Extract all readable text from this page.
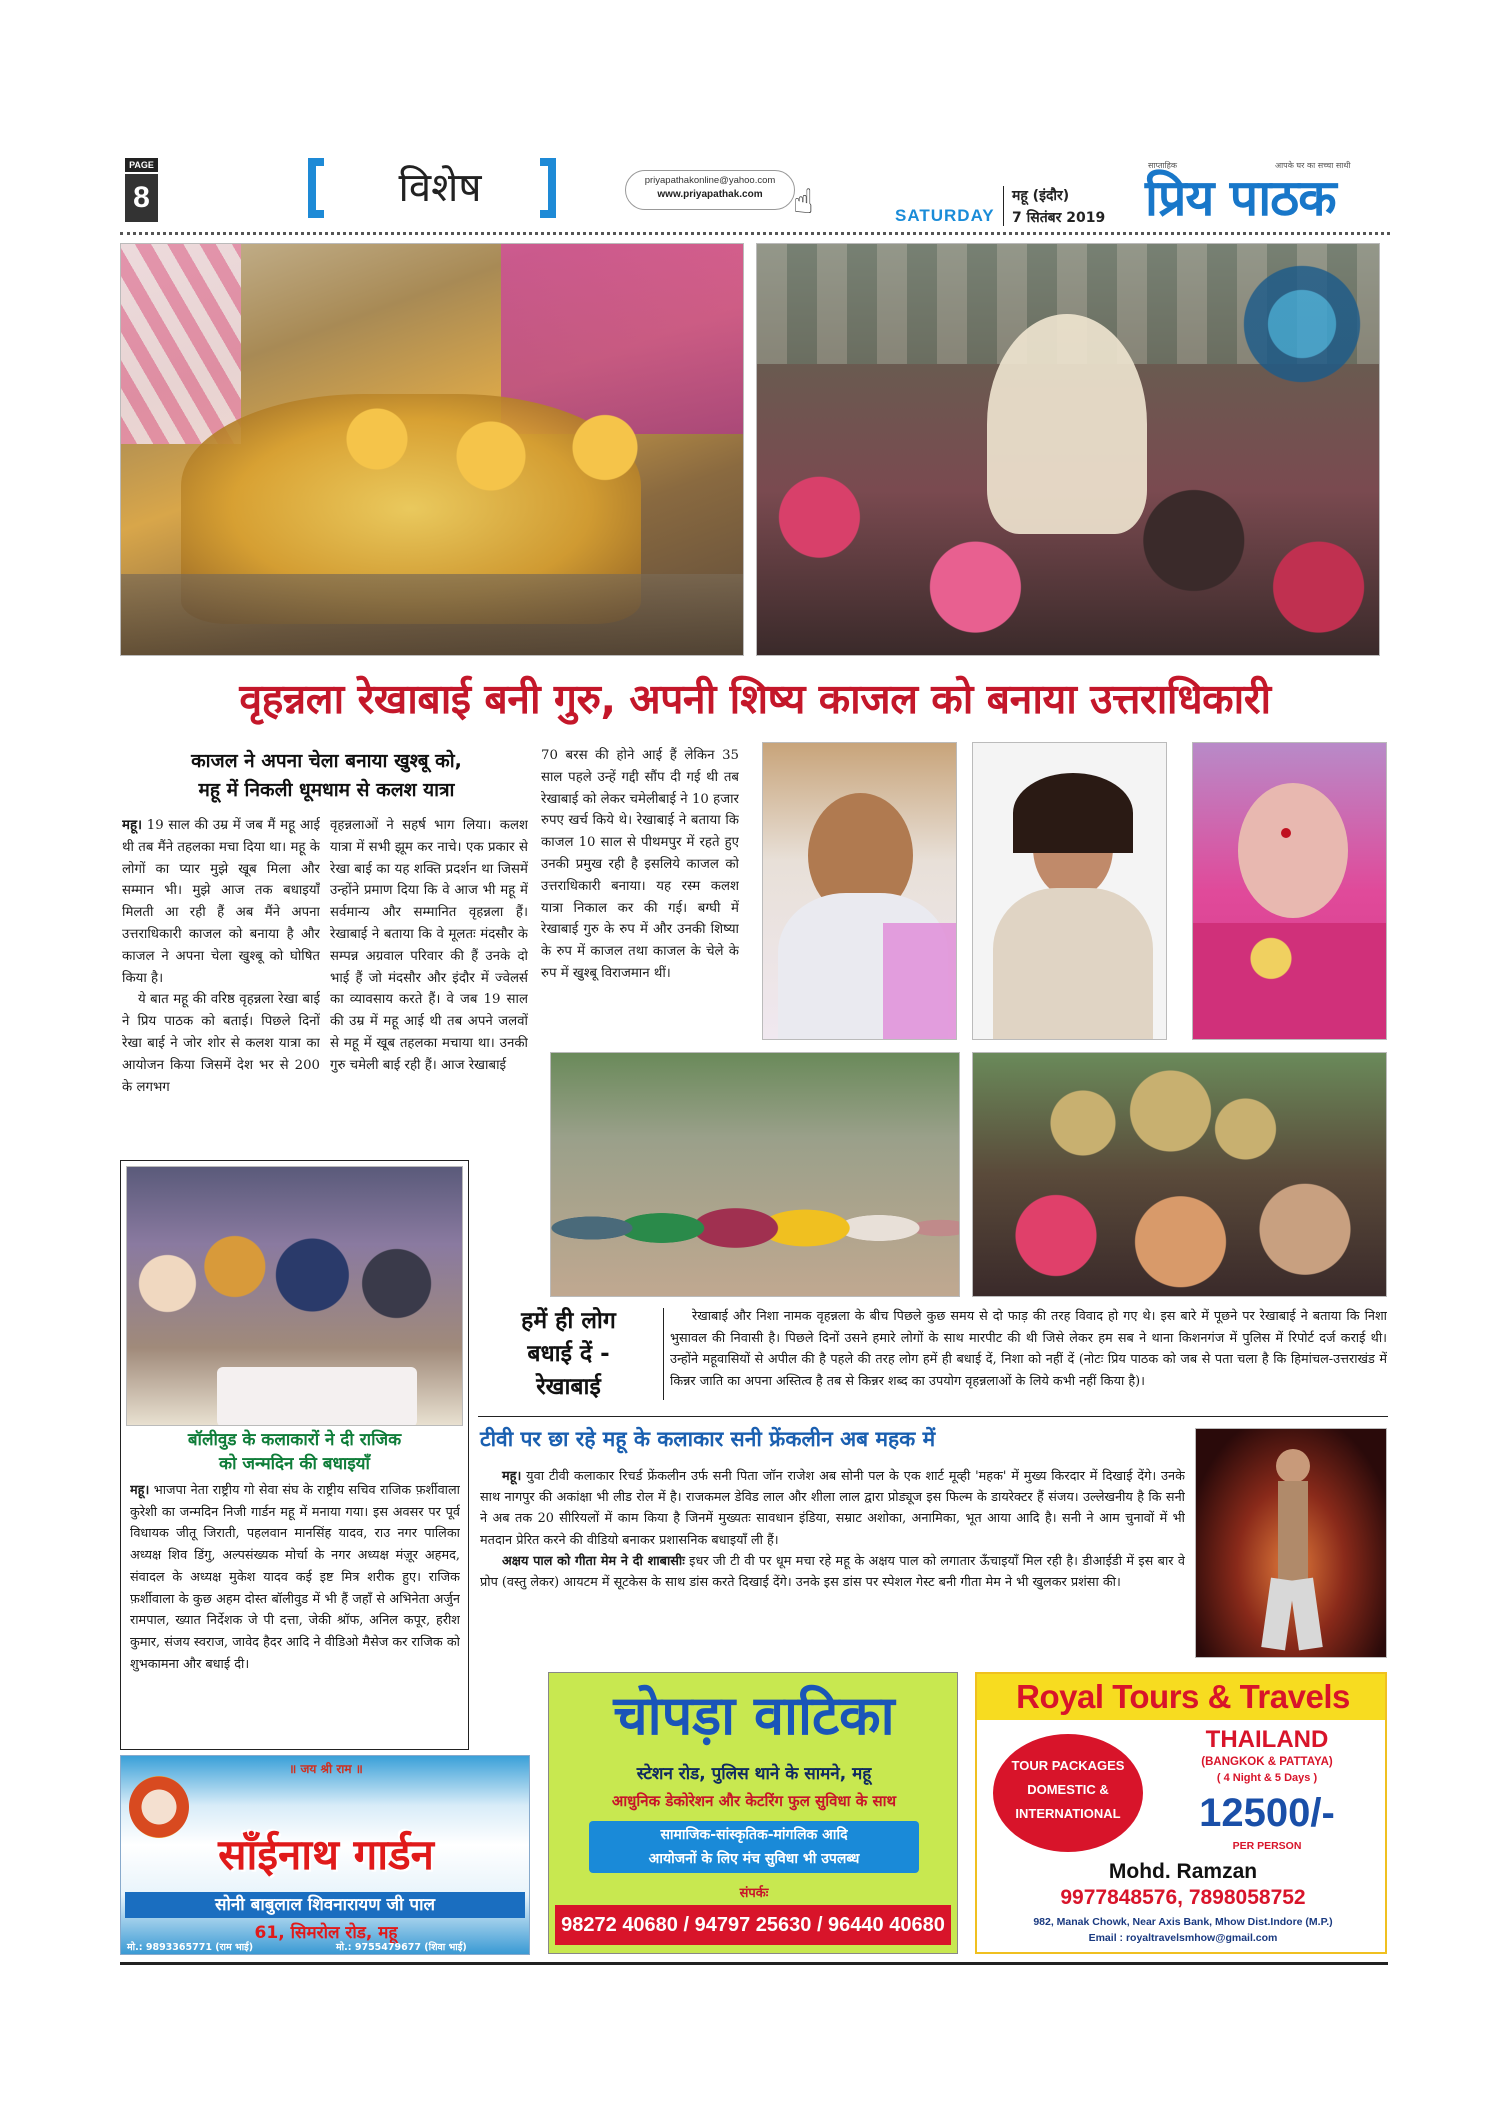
PAGE
8	विशेष	priyapathakonline@yahoo.com
www.priyapathak.com ☝	SATURDAY
महू (इंदौर)
7 सितंबर 2019
साप्ताहिक	आपके घर का सच्चा साथी
प्रिय पाठक
वृहन्नला रेखाबाई बनी गुरु, अपनी शिष्य काजल को बनाया उत्तराधिकारी
काजल ने अपना चेला बनाया खुश्बू को,
महू में निकली धूमधाम से कलश यात्रा

महू। 19 साल की उम्र में जब मैं महू आई थी तब मैंने तहलका मचा दिया था। महू के लोगों का प्यार मुझे खूब मिला और सम्मान भी। मुझे आज तक बधाइयाँ मिलती आ रही हैं अब मैंने अपना उत्तराधिकारी काजल को बनाया है और काजल ने अपना चेला खुश्बू को घोषित किया है।

ये बात महू की वरिष्ठ वृहन्नला रेखा बाई ने प्रिय पाठक को बताई। पिछले दिनों रेखा बाई ने जोर शोर से कलश यात्रा का आयोजन किया जिसमें देश भर से 200 के लगभग

वृहन्नलाओं ने सहर्ष भाग लिया। कलश यात्रा में सभी झूम कर नाचे। एक प्रकार से रेखा बाई का यह शक्ति प्रदर्शन था जिसमें उन्होंने प्रमाण दिया कि वे आज भी महू में सर्वमान्य और सम्मानित वृहन्नला हैं। रेखाबाई ने बताया कि वे मूलतः मंदसौर के सम्पन्न अग्रवाल परिवार की हैं उनके दो भाई हैं जो मंदसौर और इंदौर में ज्वेलर्स का व्यावसाय करते हैं। वे जब 19 साल की उम्र में महू आई थी तब अपने जलवों से महू में खूब तहलका मचाया था। उनकी गुरु चमेली बाई रही हैं। आज रेखाबाई
70 बरस की होने आई हैं लेकिन 35 साल पहले उन्हें गद्दी सौंप दी गई थी तब रेखाबाई को लेकर चमेलीबाई ने 10 हजार रुपए खर्च किये थे। रेखाबाई ने बताया कि काजल 10 साल से पीथमपुर में रहते हुए उनकी प्रमुख रही है इसलिये काजल को उत्तराधिकारी बनाया। यह रस्म कलश यात्रा निकाल कर की गई। बग्घी में रेखाबाई गुरु के रुप में और उनकी शिष्या के रुप में काजल तथा काजल के चेले के रुप में खुश्बू विराजमान थीं।
हमें ही लोग
बधाई दें -
रेखाबाई
रेखाबाई और निशा नामक वृहन्नला के बीच पिछले कुछ समय से दो फाड़ की तरह विवाद हो गए थे। इस बारे में पूछने पर रेखाबाई ने बताया कि निशा भुसावल की निवासी है। पिछले दिनों उसने हमारे लोगों के साथ मारपीट की थी जिसे लेकर हम सब ने थाना किशनगंज में पुलिस में रिपोर्ट दर्ज कराई थी। उन्होंने महूवासियों से अपील की है पहले की तरह लोग हमें ही बधाई दें, निशा को नहीं दें (नोटः प्रिय पाठक को जब से पता चला है कि हिमांचल-उत्तराखंड में किन्नर जाति का अपना अस्तित्व है तब से किन्नर शब्द का उपयोग वृहन्नलाओं के लिये कभी नहीं किया है)।
बॉलीवुड के कलाकारों ने दी राजिक
को जन्मदिन की बधाइयाँ
महू। भाजपा नेता राष्ट्रीय गो सेवा संघ के राष्ट्रीय सचिव राजिक फ़र्शीवाला कुरेशी का जन्मदिन निजी गार्डन महू में मनाया गया। इस अवसर पर पूर्व विधायक जीतू जिराती, पहलवान मानसिंह यादव, राउ नगर पालिका अध्यक्ष शिव डिंगु, अल्पसंख्यक मोर्चा के नगर अध्यक्ष मंज़ूर अहमद, संवादल के अध्यक्ष मुकेश यादव कई इष्ट मित्र शरीक हुए। राजिक फ़र्शीवाला के कुछ अहम दोस्त बॉलीवुड में भी हैं जहाँ से अभिनेता अर्जुन रामपाल, ख्यात निर्देशक जे पी दत्ता, जेकी श्रॉफ, अनिल कपूर, हरीश कुमार, संजय स्वराज, जावेद हैदर आदि ने वीडिओ मैसेज कर राजिक को शुभकामना और बधाई दी।
टीवी पर छा रहे महू के कलाकार सनी फ्रेंकलीन अब महक में

महू। युवा टीवी कलाकार रिचर्ड फ्रेंकलीन उर्फ सनी पिता जॉन राजेश अब सोनी पल के एक शार्ट मूव्ही 'महक' में मुख्य किरदार में दिखाई देंगे। उनके साथ नागपुर की अकांक्षा भी लीड रोल में है। राजकमल डेविड लाल और शीला लाल द्वारा प्रोड्यूज इस फिल्म के डायरेक्टर हैं संजय। उल्लेखनीय है कि सनी ने अब तक 20 सीरियलों में काम किया है जिनमें मुख्यतः सावधान इंडिया, सम्राट अशोका, अनामिका, भूत आया आदि है। सनी ने आम चुनावों में भी मतदान प्रेरित करने की वीडियो बनाकर प्रशासनिक बधाइयाँ ली हैं।

अक्षय पाल को गीता मेम ने दी शाबासीः इधर जी टी वी पर धूम मचा रहे महू के अक्षय पाल को लगातार ऊँचाइयाँ मिल रही है। डीआईडी में इस बार वे प्रोप (वस्तु लेकर) आयटम में सूटकेस के साथ डांस करते दिखाई देंगे। उनके इस डांस पर स्पेशल गेस्ट बनी गीता मेम ने भी खुलकर प्रशंसा की।

॥ जय श्री राम ॥
साँईनाथ गार्डन
सोनी बाबुलाल शिवनारायण जी पाल
61, सिमरोल रोड, महू
मो.: 9893365771 (राम भाई)	मो.: 9755479677 (शिवा भाई)
चोपड़ा वाटिका
स्टेशन रोड, पुलिस थाने के सामने, महू
आधुनिक डेकोरेशन और केटरिंग फुल सुविधा के साथ
सामाजिक-सांस्कृतिक-मांगलिक आदि
आयोजनों के लिए मंच सुविधा भी उपलब्ध
संपर्कः
98272 40680 / 94797 25630 / 96440 40680
Royal Tours & Travels
TOUR PACKAGES
DOMESTIC &
INTERNATIONAL
THAILAND
(BANGKOK & PATTAYA)
( 4 Night & 5 Days )
12500/-
PER PERSON
Mohd. Ramzan
9977848576, 7898058752
982, Manak Chowk, Near Axis Bank, Mhow Dist.Indore (M.P.)
Email : royaltravelsmhow@gmail.com
